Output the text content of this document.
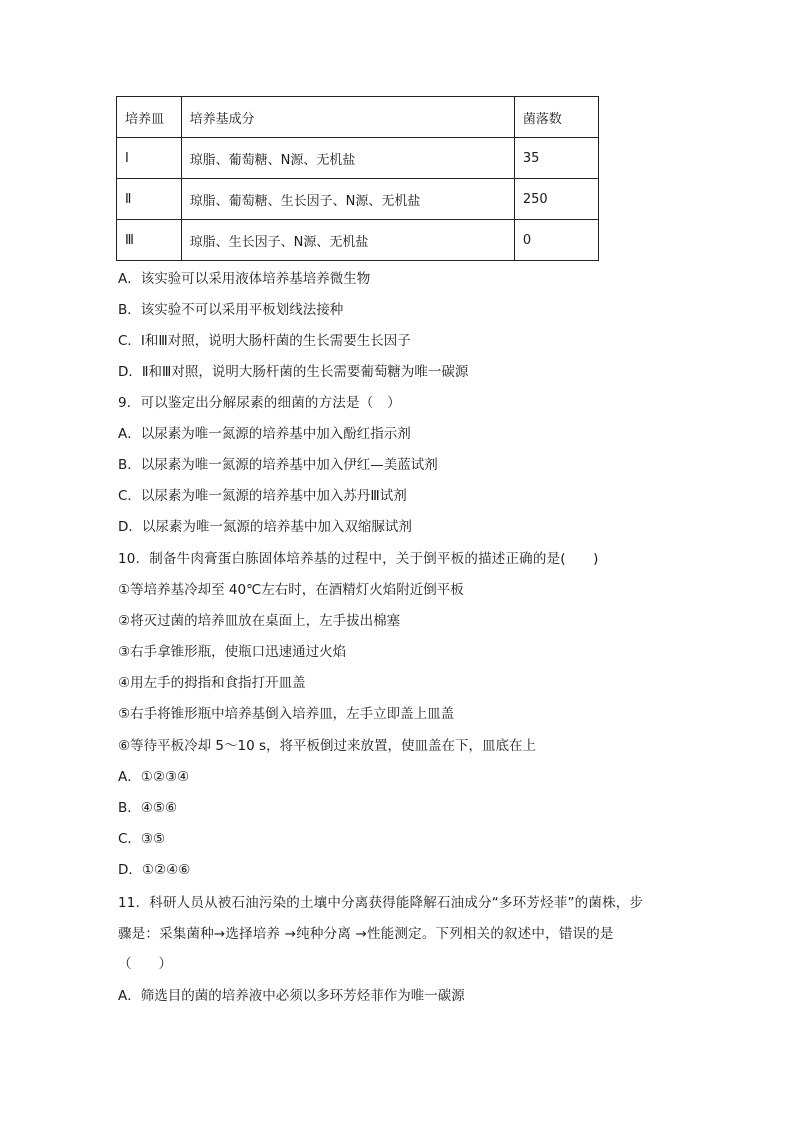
培养皿	培养基成分	菌落数
Ⅰ	琼脂、葡萄糖、N源、无机盐	35
Ⅱ	琼脂、葡萄糖、生长因子、N源、无机盐	250
Ⅲ	琼脂、生长因子、N源、无机盐	0
A．该实验可以采用液体培养基培养微生物
B．该实验不可以采用平板划线法接种
C．Ⅰ和Ⅲ对照，说明大肠杆菌的生长需要生长因子
D．Ⅱ和Ⅲ对照，说明大肠杆菌的生长需要葡萄糖为唯一碳源
9．可以鉴定出分解尿素的细菌的方法是（　）
A．以尿素为唯一氮源的培养基中加入酚红指示剂
B．以尿素为唯一氮源的培养基中加入伊红—美蓝试剂
C．以尿素为唯一氮源的培养基中加入苏丹Ⅲ试剂
D．以尿素为唯一氮源的培养基中加入双缩脲试剂
10．制备牛肉膏蛋白胨固体培养基的过程中，关于倒平板的描述正确的是(　　)
①等培养基冷却至 40℃左右时，在酒精灯火焰附近倒平板
②将灭过菌的培养皿放在桌面上，左手拔出棉塞
③右手拿锥形瓶，使瓶口迅速通过火焰
④用左手的拇指和食指打开皿盖
⑤右手将锥形瓶中培养基倒入培养皿，左手立即盖上皿盖
⑥等待平板冷却 5～10 s，将平板倒过来放置，使皿盖在下，皿底在上
A．①②③④
B．④⑤⑥
C．③⑤
D．①②④⑥
11．科研人员从被石油污染的土壤中分离获得能降解石油成分“多环芳烃菲”的菌株，步
骤是：采集菌种→选择培养 →纯种分离 →性能测定。下列相关的叙述中，错误的是
（　　）
A．筛选目的菌的培养液中必须以多环芳烃菲作为唯一碳源
